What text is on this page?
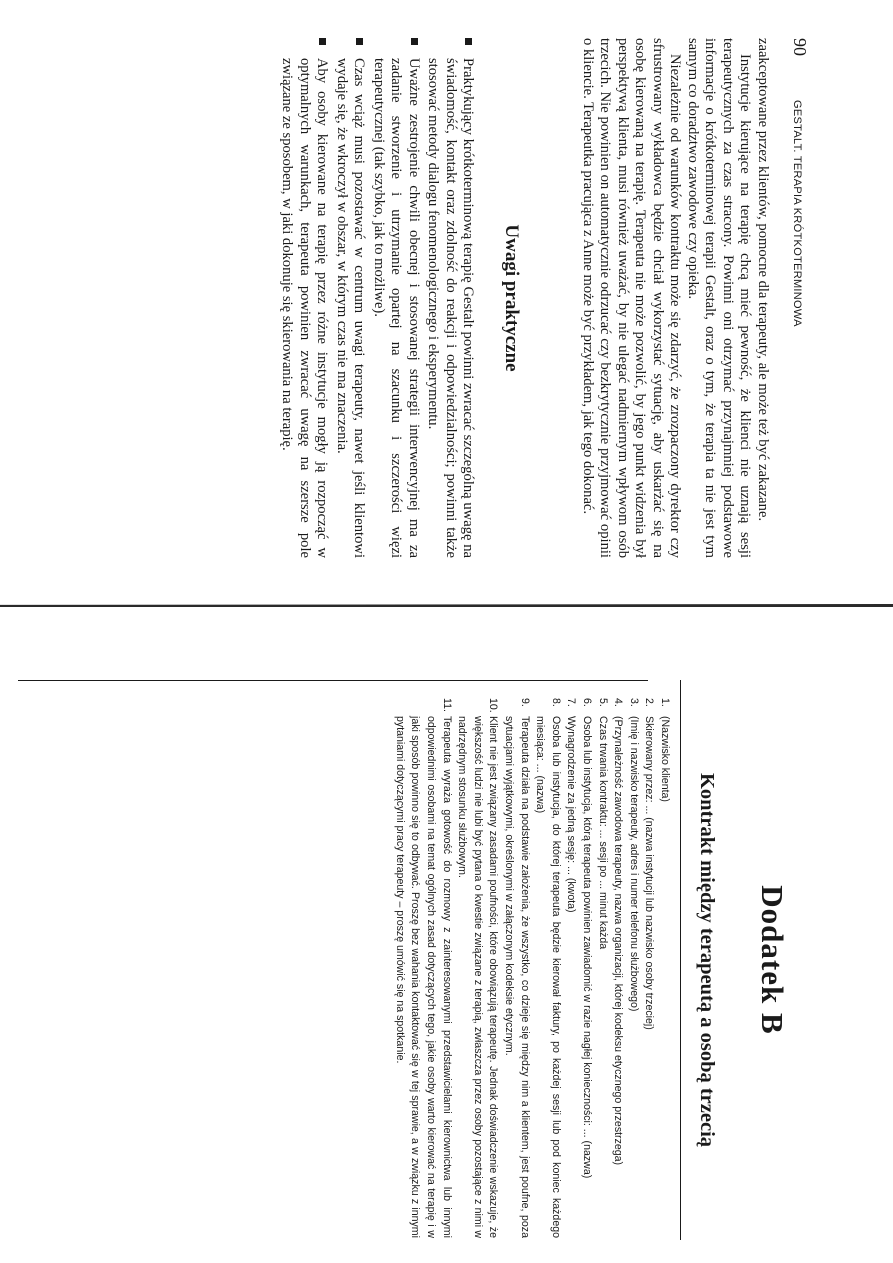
90
GESTALT. TERAPIA KRÓTKOTERMINOWA

zaakceptowane przez klientów, pomocne dla terapeuty, ale może też być zakazane.

Instytucje kierujące na terapię chcą mieć pewność, że klienci nie uznają sesji terapeutycznych za czas stracony. Powinni oni otrzymać przynajmniej podstawowe informacje o krótkoterminowej terapii Gestalt, oraz o tym, że terapia ta nie jest tym samym co doradztwo zawodowe czy opieka.

Niezależnie od warunków kontraktu może się zdarzyć, że zrozpaczony dyrektor czy sfrustrowany wykładowca będzie chciał wykorzystać sytuację, aby uskarżać się na osobę kierowaną na terapię. Terapeuta nie może pozwolić, by jego punkt widzenia był perspektywą klienta, musi również uważać, by nie ulegać nadmiernym wpływom osób trzecich. Nie powinien on automatycznie odrzucać czy bezkrytycznie przyjmować opinii o kliencie. Terapeutka pracująca z Anne może być przykładem, jak tego dokonać.

Uwagi praktyczne
Praktykujący krótkoterminową terapię Gestalt powinni zwracać szczególną uwagę na świadomość, kontakt oraz zdolność do reakcji i odpowiedzialności; powinni także stosować metody dialogu fenomenologicznego i eksperymentu.
Uważne zestrojenie chwili obecnej i stosowanej strategii interwencyjnej ma za zadanie stworzenie i utrzymanie opartej na szacunku i szczerości więzi terapeutycznej (tak szybko, jak to możliwe).
Czas wciąż musi pozostawać w centrum uwagi terapeuty, nawet jeśli klientowi wydaje się, że wkroczył w obszar, w którym czas nie ma znaczenia.
Aby osoby kierowane na terapię przez różne instytucje mogły ją rozpocząć w optymalnych warunkach, terapeuta powinien zwracać uwagę na szersze pole związane ze sposobem, w jaki dokonuje się skierowania na terapię.
Dodatek B
Kontrakt między terapeutą a osobą trzecią
1.
(Nazwisko klienta)
2.
Skierowany przez: ... (nazwa instytucji lub nazwisko osoby trzeciej)
3.
(Imię i nazwisko terapeuty, adres i numer telefonu służbowego)
4.
(Przynależność zawodowa terapeuty, nazwa organizacji, której kodeksu etycznego przestrzega)
5.
Czas trwania kontraktu: ... sesji po ... minut każda
6.
Osoba lub instytucja, którą terapeuta powinien zawiadomić w razie nagłej konieczności: ... (nazwa)
7.
Wynagrodzenie za jedną sesję: ... (kwota)
8.
Osoba lub instytucja, do której terapeuta będzie kierował faktury, po każdej sesji lub pod koniec każdego miesiąca: ... (nazwa)
9.
Terapeuta działa na podstawie założenia, że wszystko, co dzieje się między nim a klientem, jest poufne, poza sytuacjami wyjątkowymi, określonymi w załączonym kodeksie etycznym.
10.
Klient nie jest związany zasadami poufności, które obowiązują terapeutę. Jednak doświadczenie wskazuje, że większość ludzi nie lubi być pytana o kwestie związane z terapią, zwłaszcza przez osoby pozostające z nimi w nadrzędnym stosunku służbowym.
11.
Terapeuta wyraża gotowość do rozmowy z zainteresowanymi przedstawicielami kierownictwa lub innymi odpowiednimi osobami na temat ogólnych zasad dotyczących tego, jakie osoby warto kierować na terapię i w jaki sposób powinno się to odbywać. Proszę bez wahania kontaktować się w tej sprawie, a w związku z innymi pytaniami dotyczącymi pracy terapeuty – proszę umówić się na spotkanie.
